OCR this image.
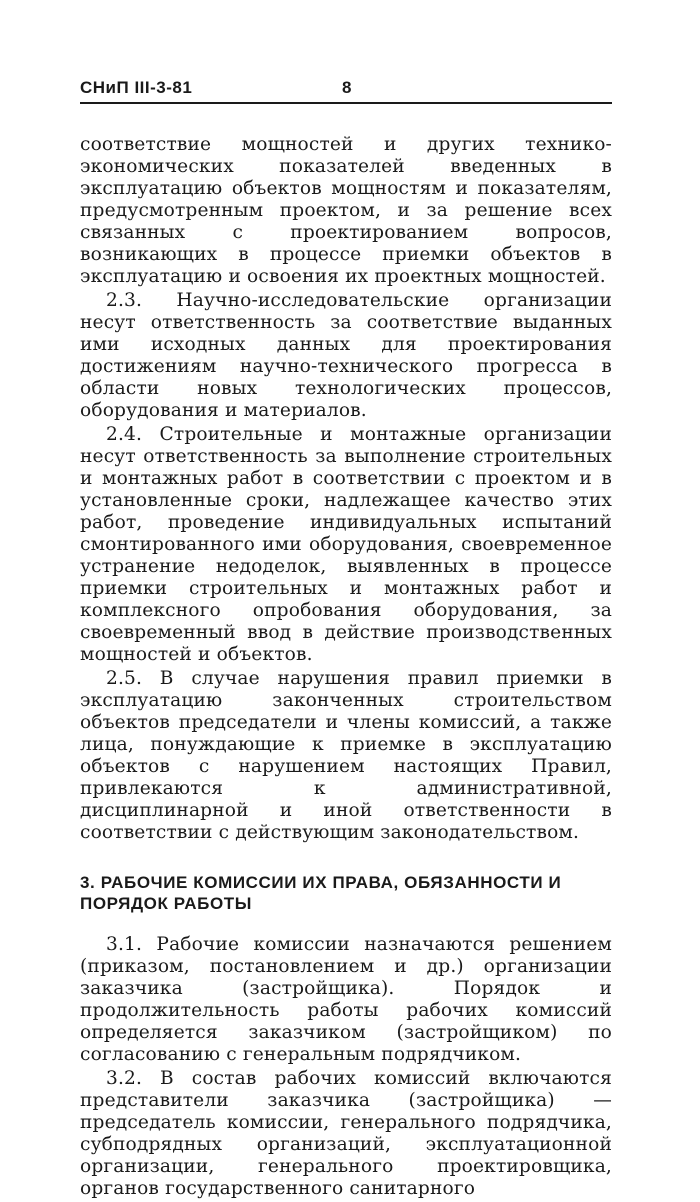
СНиП III-3-81	8

соответствие мощностей и других технико-экономических показателей введенных в эксплуатацию объектов мощностям и показателям, предусмотренным проектом, и за решение всех связанных с проектированием вопросов, возникающих в процессе приемки объектов в эксплуатацию и освоения их проектных мощностей.

2.3. Научно-исследовательские организации несут ответственность за соответствие выданных ими исходных данных для проектирования достижениям научно-технического прогресса в области новых технологических процессов, оборудования и материалов.

2.4. Строительные и монтажные организации несут ответственность за выполнение строительных и монтажных работ в соответствии с проектом и в установленные сроки, надлежащее качество этих работ, проведение индивидуальных испытаний смонтированного ими оборудования, своевременное устранение недоделок, выявленных в процессе приемки строительных и монтажных работ и комплексного опробования оборудования, за своевременный ввод в действие производственных мощностей и объектов.

2.5. В случае нарушения правил приемки в эксплуатацию законченных строительством объектов председатели и члены комиссий, а также лица, понуждающие к приемке в эксплуатацию объектов с нарушением настоящих Правил, привлекаются к административной, дисциплинарной и иной ответственности в соответствии с действующим законодательством.

3. РАБОЧИЕ КОМИССИИ ИХ ПРАВА, ОБЯЗАННОСТИ И ПОРЯДОК РАБОТЫ

3.1. Рабочие комиссии назначаются решением (приказом, постановлением и др.) организации заказчика (застройщика). Порядок и продолжительность работы рабочих комиссий определяется заказчиком (застройщиком) по согласованию с генеральным подрядчиком.

3.2. В состав рабочих комиссий включаются представители заказчика (застройщика) — председатель комиссии, генерального подрядчика, субподрядных организаций, эксплуатационной организации, генерального проектировщика, органов государственного санитарного
